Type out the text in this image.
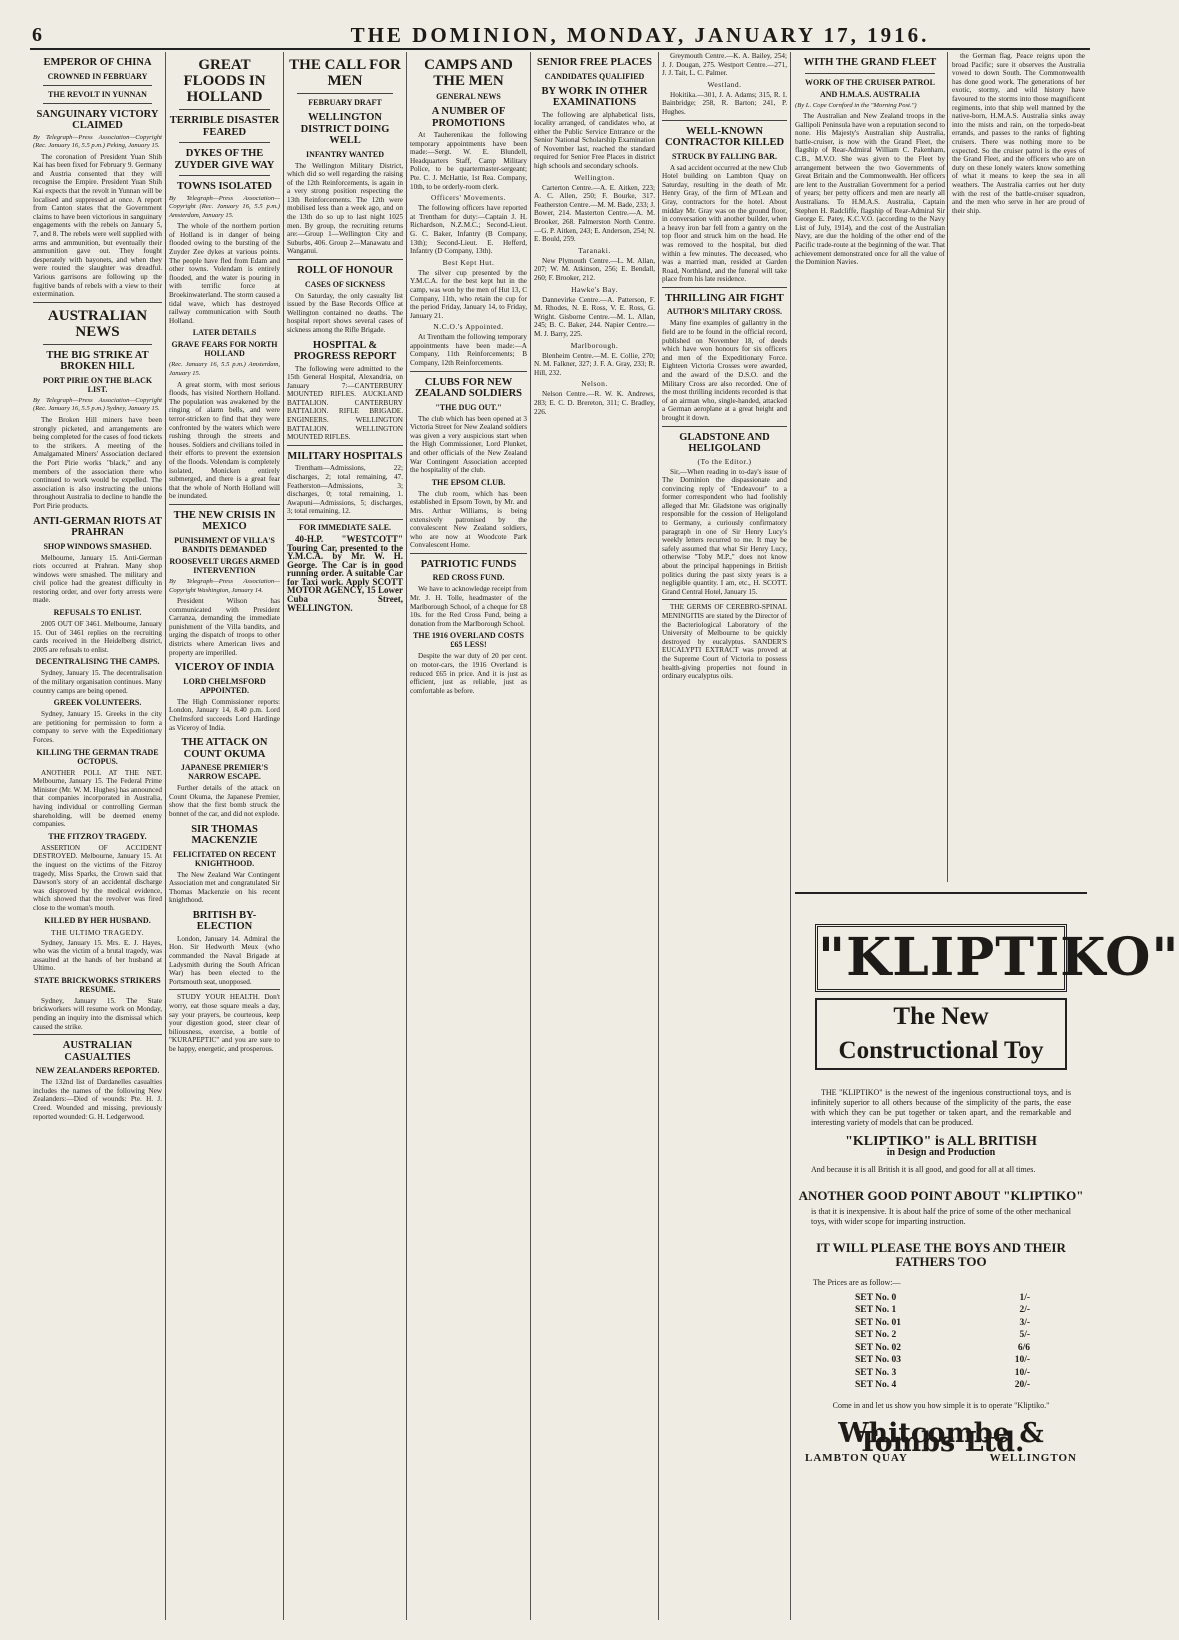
6	THE DOMINION, MONDAY, JANUARY 17, 1916.
EMPEROR OF CHINA
CROWNED IN FEBRUARY
THE REVOLT IN YUNNAN
SANGUINARY VICTORY CLAIMED
By Telegraph—Press Association—Copyright (Rec. January 16, 5.5 p.m.) Peking, January 15.

The coronation of President Yuan Shih Kai has been fixed for February 9. Germany and Austria consented that they will recognise the Empire. President Yuan Shih Kai expects that the revolt in Yunnan will be localised and suppressed at once. A report from Canton states that the Government claims to have been victorious in sanguinary engagements with the rebels on January 5, 7, and 8. The rebels were well supplied with arms and ammunition, but eventually their ammunition gave out. They fought desperately with bayonets, and when they were routed the slaughter was dreadful. Various garrisons are following up the fugitive bands of rebels with a view to their extermination.

AUSTRALIAN NEWS
THE BIG STRIKE AT BROKEN HILL
PORT PIRIE ON THE BLACK LIST.
By Telegraph—Press Association—Copyright (Rec. January 16, 5.5 p.m.) Sydney, January 15.

The Broken Hill miners have been strongly picketed, and arrangements are being completed for the cases of food tickets to the strikers. A meeting of the Amalgamated Miners' Association declared the Port Pirie works "black," and any members of the association there who continued to work would be expelled. The association is also instructing the unions throughout Australia to decline to handle the Port Pirie products.

ANTI-GERMAN RIOTS AT PRAHRAN
SHOP WINDOWS SMASHED.

Melbourne, January 15. Anti-German riots occurred at Prahran. Many shop windows were smashed. The military and civil police had the greatest difficulty in restoring order, and over forty arrests were made.

REFUSALS TO ENLIST.

2005 OUT OF 3461. Melbourne, January 15. Out of 3461 replies on the recruiting cards received in the Heidelberg district, 2005 are refusals to enlist.

DECENTRALISING THE CAMPS.

Sydney, January 15. The decentralisation of the military organisation continues. Many country camps are being opened.

GREEK VOLUNTEERS.

Sydney, January 15. Greeks in the city are petitioning for permission to form a company to serve with the Expeditionary Forces.

KILLING THE GERMAN TRADE OCTOPUS.

ANOTHER POLL AT THE NET. Melbourne, January 15. The Federal Prime Minister (Mr. W. M. Hughes) has announced that companies incorporated in Australia, having individual or controlling German shareholding, will be deemed enemy companies.

THE FITZROY TRAGEDY.

ASSERTION OF ACCIDENT DESTROYED. Melbourne, January 15. At the inquest on the victims of the Fitzroy tragedy, Miss Sparks, the Crown said that Dawson's story of an accidental discharge was disproved by the medical evidence, which showed that the revolver was fired close to the woman's mouth.

KILLED BY HER HUSBAND.
THE ULTIMO TRAGEDY.

Sydney, January 15. Mrs. E. J. Hayes, who was the victim of a brutal tragedy, was assaulted at the hands of her husband at Ultimo.

STATE BRICKWORKS STRIKERS RESUME.

Sydney, January 15. The State brickworkers will resume work on Monday, pending an inquiry into the dismissal which caused the strike.

AUSTRALIAN CASUALTIES
NEW ZEALANDERS REPORTED.

The 132nd list of Dardanelles casualties includes the names of the following New Zealanders:—Died of wounds: Pte. H. J. Creed. Wounded and missing, previously reported wounded: G. H. Ledgerwood.

GREAT FLOODS IN HOLLAND
TERRIBLE DISASTER FEARED
DYKES OF THE ZUYDER GIVE WAY
TOWNS ISOLATED
By Telegraph—Press Association—Copyright (Rec. January 16, 5.5 p.m.) Amsterdam, January 15.

The whole of the northern portion of Holland is in danger of being flooded owing to the bursting of the Zuyder Zee dykes at various points. The people have fled from Edam and other towns. Volendam is entirely flooded, and the water is pouring in with terrific force at Broekinwaterland. The storm caused a tidal wave, which has destroyed railway communication with South Holland.

LATER DETAILS
GRAVE FEARS FOR NORTH HOLLAND
(Rec. January 16, 5.5 p.m.) Amsterdam, January 15.

A great storm, with most serious floods, has visited Northern Holland. The population was awakened by the ringing of alarm bells, and were terror-stricken to find that they were confronted by the waters which were rushing through the streets and houses. Soldiers and civilians toiled in their efforts to prevent the extension of the floods. Volendam is completely isolated, Monicken entirely submerged, and there is a great fear that the whole of North Holland will be inundated.

THE NEW CRISIS IN MEXICO
PUNISHMENT OF VILLA'S BANDITS DEMANDED
ROOSEVELT URGES ARMED INTERVENTION
By Telegraph—Press Association—Copyright Washington, January 14.

President Wilson has communicated with President Carranza, demanding the immediate punishment of the Villa bandits, and urging the dispatch of troops to other districts where American lives and property are imperilled.

VICEROY OF INDIA
LORD CHELMSFORD APPOINTED.

The High Commissioner reports: London, January 14, 8.40 p.m. Lord Chelmsford succeeds Lord Hardinge as Viceroy of India.

THE ATTACK ON COUNT OKUMA
JAPANESE PREMIER'S NARROW ESCAPE.

Further details of the attack on Count Okuma, the Japanese Premier, show that the first bomb struck the bonnet of the car, and did not explode.

SIR THOMAS MACKENZIE
FELICITATED ON RECENT KNIGHTHOOD.

The New Zealand War Contingent Association met and congratulated Sir Thomas Mackenzie on his recent knighthood.

BRITISH BY-ELECTION

London, January 14. Admiral the Hon. Sir Hedworth Meux (who commanded the Naval Brigade at Ladysmith during the South African War) has been elected to the Portsmouth seat, unopposed.

STUDY YOUR HEALTH. Don't worry, eat those square meals a day, say your prayers, be courteous, keep your digestion good, steer clear of biliousness, exercise, a bottle of "KURAPEPTIC" and you are sure to be happy, energetic, and prosperous.

THE CALL FOR MEN
FEBRUARY DRAFT
WELLINGTON DISTRICT DOING WELL
INFANTRY WANTED

The Wellington Military District, which did so well regarding the raising of the 12th Reinforcements, is again in a very strong position respecting the 13th Reinforcements. The 12th were mobilised less than a week ago, and on the 13th do so up to last night 1025 men. By group, the recruiting returns are:—Group 1—Wellington City and Suburbs, 406. Group 2—Manawatu and Wanganui.

ROLL OF HONOUR
CASES OF SICKNESS

On Saturday, the only casualty list issued by the Base Records Office at Wellington contained no deaths. The hospital report shows several cases of sickness among the Rifle Brigade.

HOSPITAL & PROGRESS REPORT

The following were admitted to the 15th General Hospital, Alexandria, on January 7:—CANTERBURY MOUNTED RIFLES. AUCKLAND BATTALION. CANTERBURY BATTALION. RIFLE BRIGADE. ENGINEERS. WELLINGTON BATTALION. WELLINGTON MOUNTED RIFLES.

MILITARY HOSPITALS

Trentham—Admissions, 22; discharges, 2; total remaining, 47. Featherston—Admissions, 3; discharges, 0; total remaining, 1. Awapuni—Admissions, 5; discharges, 3; total remaining, 12.

FOR IMMEDIATE SALE.

40-H.P. "WESTCOTT" Touring Car, presented to the Y.M.C.A. by Mr. W. H. George. The Car is in good running order. A suitable Car for Taxi work. Apply SCOTT MOTOR AGENCY, 15 Lower Cuba Street, WELLINGTON.

CAMPS AND THE MEN
GENERAL NEWS
A NUMBER OF PROMOTIONS

At Tauherenikau the following temporary appointments have been made:—Sergt. W. E. Blundell, Headquarters Staff, Camp Military Police, to be quartermaster-sergeant; Pte. C. J. McHattie, 1st Rea. Company, 10th, to be orderly-room clerk.

Officers' Movements.

The following officers have reported at Trentham for duty:—Captain J. H. Richardson, N.Z.M.C.; Second-Lieut. G. C. Baker, Infantry (B Company, 13th); Second-Lieut. E. Hefferd, Infantry (D Company, 13th).

Best Kept Hut.

The silver cup presented by the Y.M.C.A. for the best kept hut in the camp, was won by the men of Hut 13, C Company, 11th, who retain the cup for the period Friday, January 14, to Friday, January 21.

N.C.O.'s Appointed.

At Trentham the following temporary appointments have been made:—A Company, 11th Reinforcements; B Company, 12th Reinforcements.

CLUBS FOR NEW ZEALAND SOLDIERS
"THE DUG OUT."

The club which has been opened at 3 Victoria Street for New Zealand soldiers was given a very auspicious start when the High Commissioner, Lord Plunket, and other officials of the New Zealand War Contingent Association accepted the hospitality of the club.

THE EPSOM CLUB.

The club room, which has been established in Epsom Town, by Mr. and Mrs. Arthur Williams, is being extensively patronised by the convalescent New Zealand soldiers, who are now at Woodcote Park Convalescent Home.

PATRIOTIC FUNDS
RED CROSS FUND.

We have to acknowledge receipt from Mr. J. H. Tolle, headmaster of the Marlborough School, of a cheque for £8 10s. for the Red Cross Fund, being a donation from the Marlborough School.

THE 1916 OVERLAND COSTS £65 LESS!

Despite the war duty of 20 per cent. on motor-cars, the 1916 Overland is reduced £65 in price. And it is just as efficient, just as reliable, just as comfortable as before.

SENIOR FREE PLACES
CANDIDATES QUALIFIED
BY WORK IN OTHER EXAMINATIONS

The following are alphabetical lists, locality arranged, of candidates who, at either the Public Service Entrance or the Senior National Scholarship Examination of November last, reached the standard required for Senior Free Places in district high schools and secondary schools.

Wellington.

Carterton Centre.—A. E. Aitken, 223; A. C. Allen, 250; F. Bourke, 317. Featherston Centre.—M. M. Bade, 233; J. Bower, 214. Masterton Centre.—A. M. Brooker, 268. Palmerston North Centre.—G. P. Aitken, 243; E. Anderson, 254; N. E. Bould, 259.

Taranaki.

New Plymouth Centre.—L. M. Allan, 207; W. M. Atkinson, 256; E. Bendall, 260; F. Brooker, 212.

Hawke's Bay.

Dannevirke Centre.—A. Patterson, F. M. Rhodes, N. E. Ross, V. E. Ross, G. Wright. Gisborne Centre.—M. L. Allan, 245; B. C. Baker, 244. Napier Centre.—M. J. Barry, 225.

Marlborough.

Blenheim Centre.—M. E. Collie, 270; N. M. Falkner, 327; J. F. A. Gray, 233; R. Hill, 232.

Nelson.

Nelson Centre.—R. W. K. Andrews, 283; E. C. D. Brereton, 311; C. Bradley, 226.

Greymouth Centre.—K. A. Bailey, 254; J. J. Dougan, 275. Westport Centre.—271, J. J. Tait, L. C. Palmer.

Westland.

Hokitika.—301, J. A. Adams; 315, R. I. Bainbridge; 258, R. Barton; 241, P. Hughes.

WELL-KNOWN CONTRACTOR KILLED
STRUCK BY FALLING BAR.

A sad accident occurred at the new Club Hotel building on Lambton Quay on Saturday, resulting in the death of Mr. Henry Gray, of the firm of M'Lean and Gray, contractors for the hotel. About midday Mr. Gray was on the ground floor, in conversation with another builder, when a heavy iron bar fell from a gantry on the top floor and struck him on the head. He was removed to the hospital, but died within a few minutes. The deceased, who was a married man, resided at Garden Road, Northland, and the funeral will take place from his late residence.

THRILLING AIR FIGHT
AUTHOR'S MILITARY CROSS.

Many fine examples of gallantry in the field are to be found in the official record, published on November 18, of deeds which have won honours for six officers and men of the Expeditionary Force. Eighteen Victoria Crosses were awarded, and the award of the D.S.O. and the Military Cross are also recorded. One of the most thrilling incidents recorded is that of an airman who, single-handed, attacked a German aeroplane at a great height and brought it down.

GLADSTONE AND HELIGOLAND
(To the Editor.)

Sir,—When reading in to-day's issue of The Dominion the dispassionate and convincing reply of "Endeavour" to a former correspondent who had foolishly alleged that Mr. Gladstone was originally responsible for the cession of Heligoland to Germany, a curiously confirmatory paragraph in one of Sir Henry Lucy's weekly letters recurred to me. It may be safely assumed that what Sir Henry Lucy, otherwise "Toby M.P.," does not know about the principal happenings in British politics during the past sixty years is a negligible quantity. I am, etc., H. SCOTT. Grand Central Hotel, January 15.

THE GERMS OF CEREBRO-SPINAL MENINGITIS are stated by the Director of the Bacteriological Laboratory of the University of Melbourne to be quickly destroyed by eucalyptus. SANDER'S EUCALYPTI EXTRACT was proved at the Supreme Court of Victoria to possess health-giving properties not found in ordinary eucalyptus oils.

WITH THE GRAND FLEET
WORK OF THE CRUISER PATROL
AND H.M.A.S. AUSTRALIA
(By L. Cope Cornford in the "Morning Post.")

The Australian and New Zealand troops in the Gallipoli Peninsula have won a reputation second to none. His Majesty's Australian ship Australia, battle-cruiser, is now with the Grand Fleet, the flagship of Rear-Admiral William C. Pakenham, C.B., M.V.O. She was given to the Fleet by arrangement between the two Governments of Great Britain and the Commonwealth. Her officers are lent to the Australian Government for a period of years; her petty officers and men are nearly all Australians. To H.M.A.S. Australia, Captain Stephen H. Radcliffe, flagship of Rear-Admiral Sir George E. Patey, K.C.V.O. (according to the Navy List of July, 1914), and the cost of the Australian Navy, are due the holding of the other end of the Pacific trade-route at the beginning of the war. That achievement demonstrated once for all the value of the Dominion Navies.

the German flag. Peace reigns upon the broad Pacific; sure it observes the Australia vowed to down South. The Commonwealth has done good work. The generations of her exotic, stormy, and wild history have favoured to the storms into those magnificent regiments, into that ship well manned by the native-born, H.M.A.S. Australia sinks away into the mists and rain, on the torpedo-beat errands, and passes to the ranks of fighting cruisers. There was nothing more to be expected. So the cruiser patrol is the eyes of the Grand Fleet, and the officers who are on duty on these lonely waters know something of what it means to keep the sea in all weathers. The Australia carries out her duty with the rest of the battle-cruiser squadron, and the men who serve in her are proud of their ship.

"KLIPTIKO"
The New Constructional Toy
THE "KLIPTIKO" is the newest of the ingenious constructional toys, and is infinitely superior to all others because of the simplicity of the parts, the ease with which they can be put together or taken apart, and the remarkable and interesting variety of models that can be produced.
"KLIPTIKO" is ALL BRITISH
in Design and Production
And because it is all British it is all good, and good for all at all times.
ANOTHER GOOD POINT ABOUT "KLIPTIKO"
is that it is inexpensive. It is about half the price of some of the other mechanical toys, with wider scope for imparting instruction.
IT WILL PLEASE THE BOYS AND THEIR FATHERS TOO
The Prices are as follow:—
SET No. 0	1/-
SET No. 1	2/-
SET No. 01	3/-
SET No. 2	5/-
SET No. 02	6/6
SET No. 03	10/-
SET No. 3	10/-
SET No. 4	20/-
Come in and let us show you how simple it is to operate "Kliptiko."
Whitcombe & Tombs Ltd.
LAMBTON QUAY	WELLINGTON
